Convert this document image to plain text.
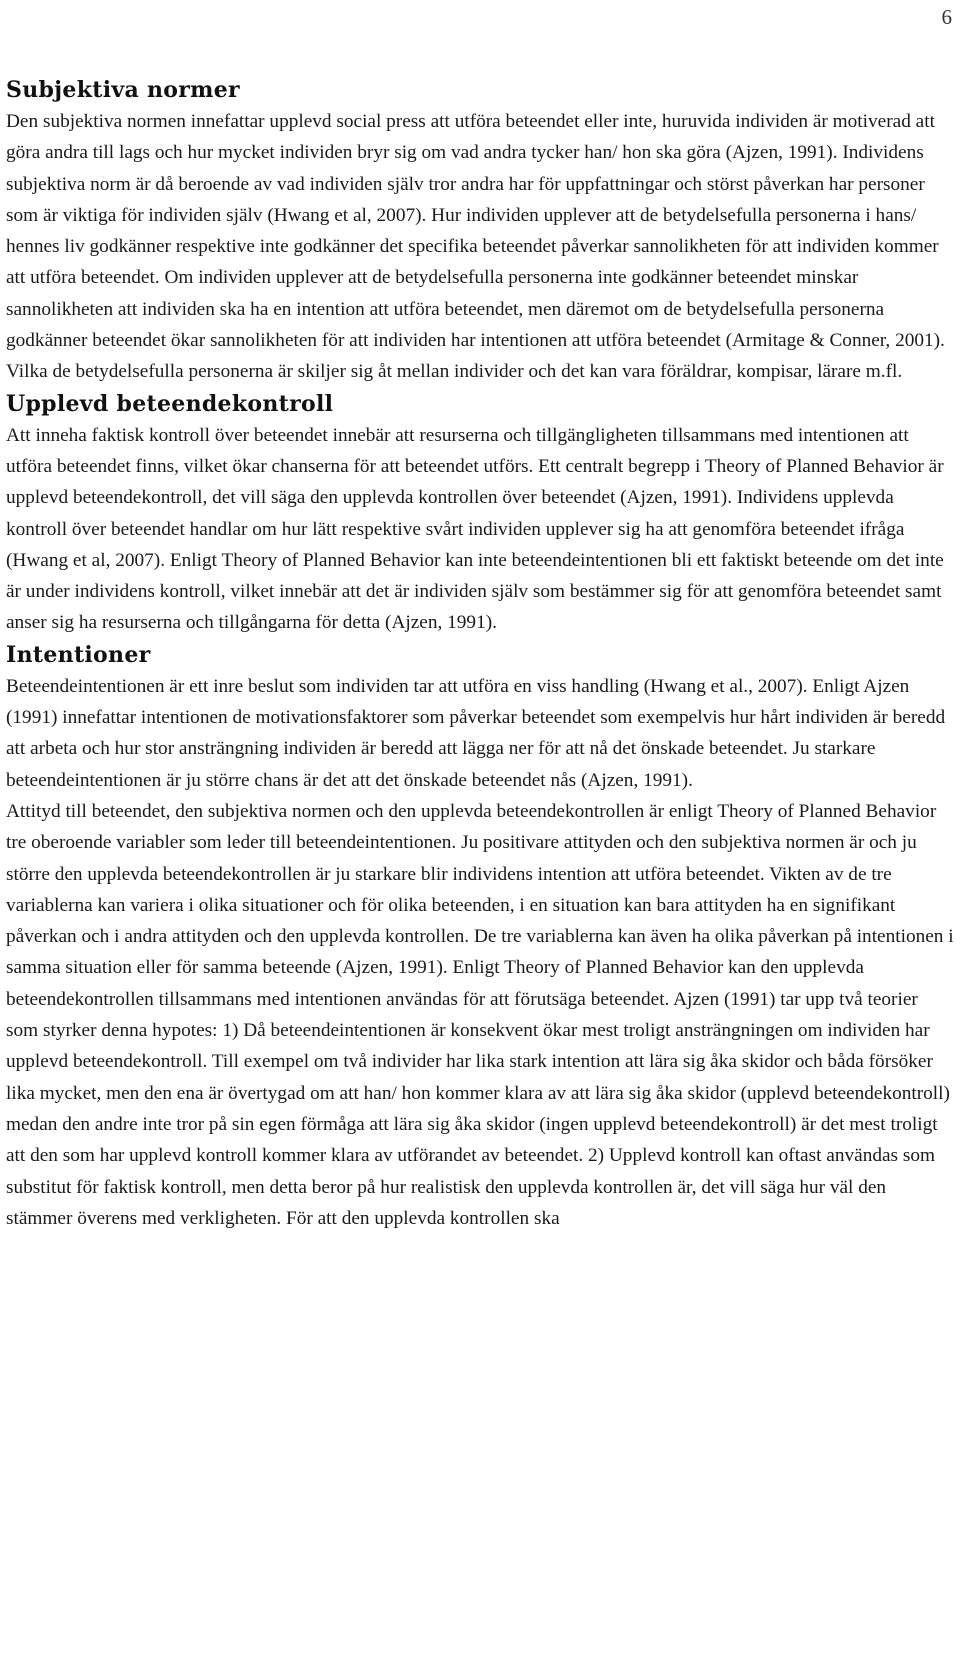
6
Subjektiva normer

Den subjektiva normen innefattar upplevd social press att utföra beteendet eller inte, huruvida individen är motiverad att göra andra till lags och hur mycket individen bryr sig om vad andra tycker han/ hon ska göra (Ajzen, 1991). Individens subjektiva norm är då beroende av vad individen själv tror andra har för uppfattningar och störst påverkan har personer som är viktiga för individen själv (Hwang et al, 2007). Hur individen upplever att de betydelsefulla personerna i hans/ hennes liv godkänner respektive inte godkänner det specifika beteendet påverkar sannolikheten för att individen kommer att utföra beteendet. Om individen upplever att de betydelsefulla personerna inte godkänner beteendet minskar sannolikheten att individen ska ha en intention att utföra beteendet, men däremot om de betydelsefulla personerna godkänner beteendet ökar sannolikheten för att individen har intentionen att utföra beteendet (Armitage & Conner, 2001). Vilka de betydelsefulla personerna är skiljer sig åt mellan individer och det kan vara föräldrar, kompisar, lärare m.fl.

Upplevd beteendekontroll

Att inneha faktisk kontroll över beteendet innebär att resurserna och tillgängligheten tillsammans med intentionen att utföra beteendet finns, vilket ökar chanserna för att beteendet utförs. Ett centralt begrepp i Theory of Planned Behavior är upplevd beteendekontroll, det vill säga den upplevda kontrollen över beteendet (Ajzen, 1991). Individens upplevda kontroll över beteendet handlar om hur lätt respektive svårt individen upplever sig ha att genomföra beteendet ifråga (Hwang et al, 2007). Enligt Theory of Planned Behavior kan inte beteendeintentionen bli ett faktiskt beteende om det inte är under individens kontroll, vilket innebär att det är individen själv som bestämmer sig för att genomföra beteendet samt anser sig ha resurserna och tillgångarna för detta (Ajzen, 1991).

Intentioner

Beteendeintentionen är ett inre beslut som individen tar att utföra en viss handling (Hwang et al., 2007). Enligt Ajzen (1991) innefattar intentionen de motivationsfaktorer som påverkar beteendet som exempelvis hur hårt individen är beredd att arbeta och hur stor ansträngning individen är beredd att lägga ner för att nå det önskade beteendet. Ju starkare beteendeintentionen är ju större chans är det att det önskade beteendet nås (Ajzen, 1991).

Attityd till beteendet, den subjektiva normen och den upplevda beteendekontrollen är enligt Theory of Planned Behavior tre oberoende variabler som leder till beteendeintentionen. Ju positivare attityden och den subjektiva normen är och ju större den upplevda beteendekontrollen är ju starkare blir individens intention att utföra beteendet. Vikten av de tre variablerna kan variera i olika situationer och för olika beteenden, i en situation kan bara attityden ha en signifikant påverkan och i andra attityden och den upplevda kontrollen. De tre variablerna kan även ha olika påverkan på intentionen i samma situation eller för samma beteende (Ajzen, 1991). Enligt Theory of Planned Behavior kan den upplevda beteendekontrollen tillsammans med intentionen användas för att förutsäga beteendet. Ajzen (1991) tar upp två teorier som styrker denna hypotes: 1) Då beteendeintentionen är konsekvent ökar mest troligt ansträngningen om individen har upplevd beteendekontroll. Till exempel om två individer har lika stark intention att lära sig åka skidor och båda försöker lika mycket, men den ena är övertygad om att han/ hon kommer klara av att lära sig åka skidor (upplevd beteendekontroll) medan den andre inte tror på sin egen förmåga att lära sig åka skidor (ingen upplevd beteendekontroll) är det mest troligt att den som har upplevd kontroll kommer klara av utförandet av beteendet. 2) Upplevd kontroll kan oftast användas som substitut för faktisk kontroll, men detta beror på hur realistisk den upplevda kontrollen är, det vill säga hur väl den stämmer överens med verkligheten. För att den upplevda kontrollen ska
